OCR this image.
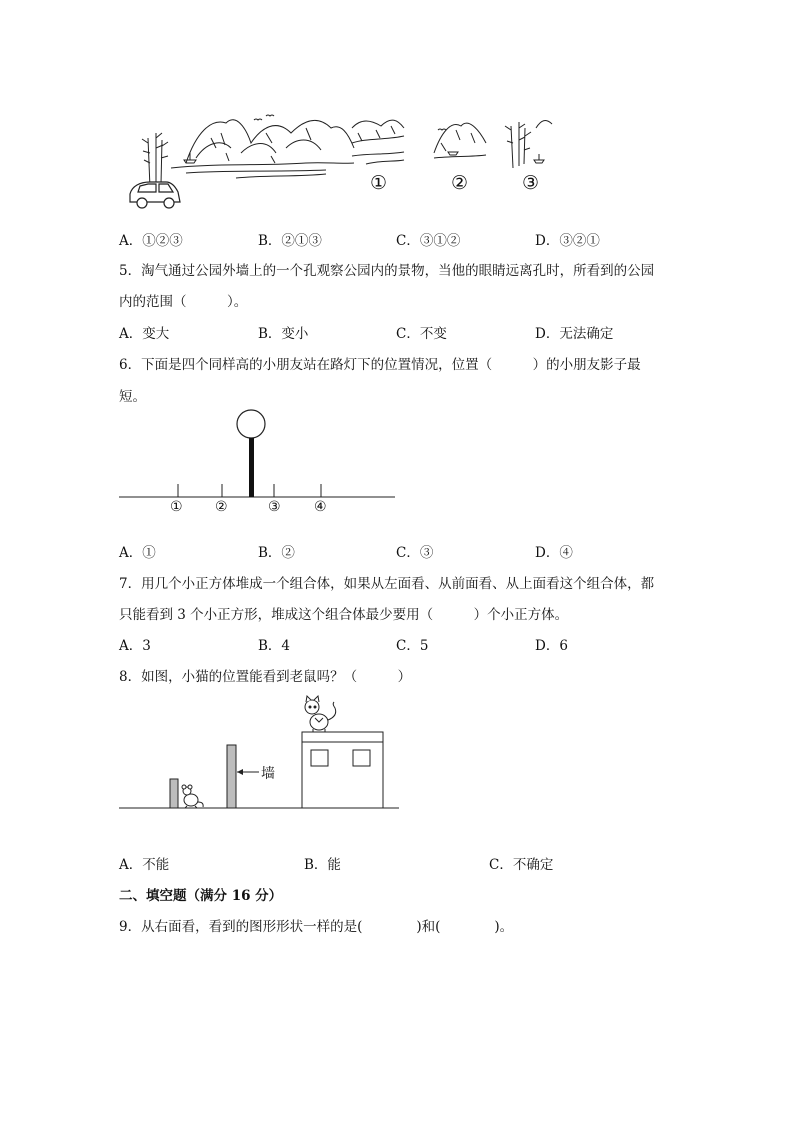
①	②	③
A．①②③	B．②①③	C．③①②	D．③②①
5．淘气通过公园外墙上的一个孔观察公园内的景物，当他的眼睛远离孔时，所看到的公园
内的范围（　　　）。
A．变大	B．变小	C．不变	D．无法确定
6．下面是四个同样高的小朋友站在路灯下的位置情况，位置（　　　）的小朋友影子最
短。
① ②	③ ④
A．①	B．②	C．③	D．④
7．用几个小正方体堆成一个组合体，如果从左面看、从前面看、从上面看这个组合体，都
只能看到 3 个小正方形，堆成这个组合体最少要用（　　　）个小正方体。
A．3	B．4	C．5	D．6
8．如图，小猫的位置能看到老鼠吗？（　　　）
墙
A．不能	B．能	C．不确定
二、填空题（满分 16 分）
9．从右面看，看到的图形形状一样的是(　　　　)和(　　　　)。
